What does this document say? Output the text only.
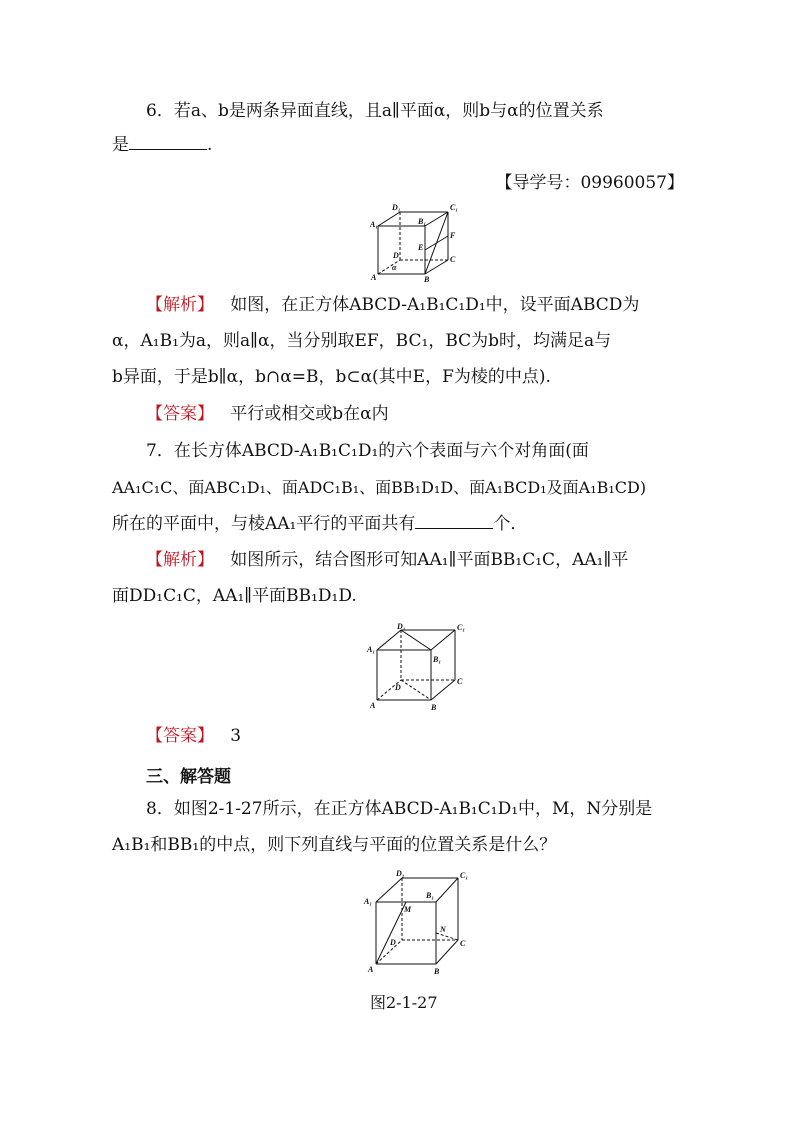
6．若a、b是两条异面直线，且a∥平面α，则b与α的位置关系
是	.
【导学号：09960057】
D₁
B₁
C₁
A₁
E
F
D	C
A	B
α
【解析】 如图，在正方体ABCD-A₁B₁C₁D₁中，设平面ABCD为
α，A₁B₁为a，则a∥α，当分别取EF，BC₁，BC为b时，均满足a与
b异面，于是b∥α，b∩α=B，b⊂α(其中E，F为棱的中点).
【答案】 平行或相交或b在α内
7．在长方体ABCD-A₁B₁C₁D₁的六个表面与六个对角面(面
AA₁C₁C、面ABC₁D₁、面ADC₁B₁、面BB₁D₁D、面A₁BCD₁及面A₁B₁CD)
所在的平面中，与棱AA₁平行的平面共有	个．
【解析】 如图所示，结合图形可知AA₁∥平面BB₁C₁C，AA₁∥平
面DD₁C₁C，AA₁∥平面BB₁D₁D.
D₁	C₁
A₁
B₁
D
C
A	B
【答案】 3
三、解答题
8．如图2-1-27所示，在正方体ABCD-A₁B₁C₁D₁中，M，N分别是
A₁B₁和BB₁的中点，则下列直线与平面的位置关系是什么？
D₁	C₁
A₁
B₁
M
N
D	C
A	B
图2-1-27
